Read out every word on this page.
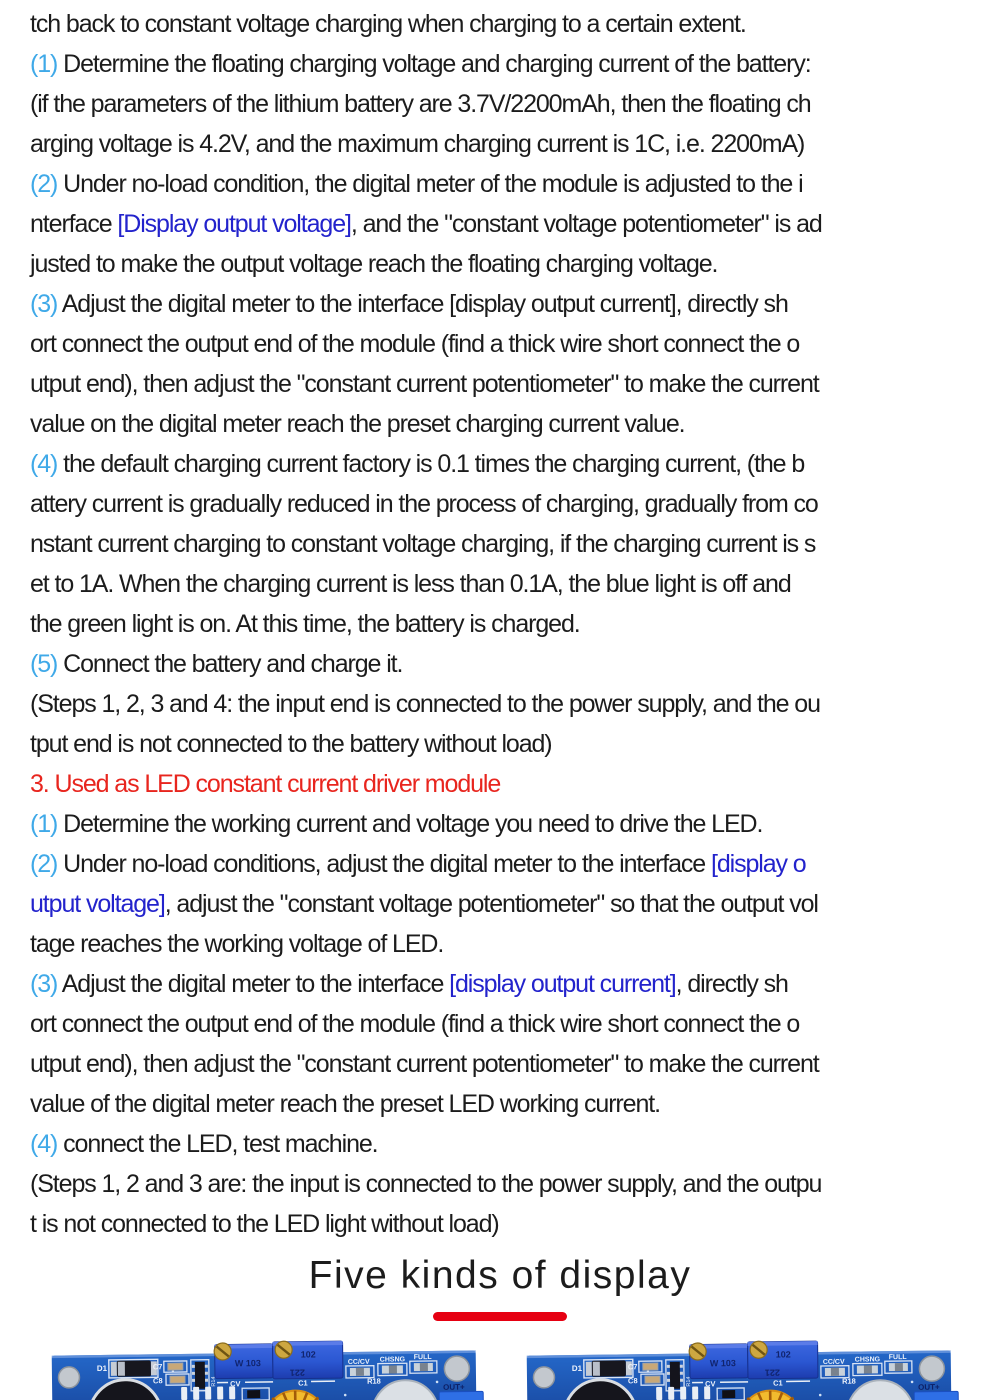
tch back to constant voltage charging when charging to a certain extent.
(1) Determine the floating charging voltage and charging current of the battery:
(if the parameters of the lithium battery are 3.7V/2200mAh, then the floating ch
arging voltage is 4.2V, and the maximum charging current is 1C, i.e. 2200mA)
(2) Under no-load condition, the digital meter of the module is adjusted to the i
nterface [Display output voltage], and the "constant voltage potentiometer" is ad
justed to make the output voltage reach the floating charging voltage.
(3) Adjust the digital meter to the interface [display output current], directly sh
ort connect the output end of the module (find a thick wire short connect the o
utput end), then adjust the "constant current potentiometer" to make the current
value on the digital meter reach the preset charging current value.
(4) the default charging current factory is 0.1 times the charging current, (the b
attery current is gradually reduced in the process of charging, gradually from co
nstant current charging to constant voltage charging, if the charging current is s
et to 1A. When the charging current is less than 0.1A, the blue light is off and
the green light is on. At this time, the battery is charged.
(5) Connect the battery and charge it.
(Steps 1, 2, 3 and 4: the input end is connected to the power supply, and the ou
tput end is not connected to the battery without load)
3. Used as LED constant current driver module
(1) Determine the working current and voltage you need to drive the LED.
(2) Under no-load conditions, adjust the digital meter to the interface [display o
utput voltage], adjust the "constant voltage potentiometer" so that the output vol
tage reaches the working voltage of LED.
(3) Adjust the digital meter to the interface [display output current], directly sh
ort connect the output end of the module (find a thick wire short connect the o
utput end), then adjust the "constant current potentiometer" to make the current
value of the digital meter reach the preset LED working current.
(4) connect the LED, test machine.
(Steps 1, 2 and 3 are: the input is connected to the power supply, and the outpu
t is not connected to the LED light without load)
Five kinds of display
